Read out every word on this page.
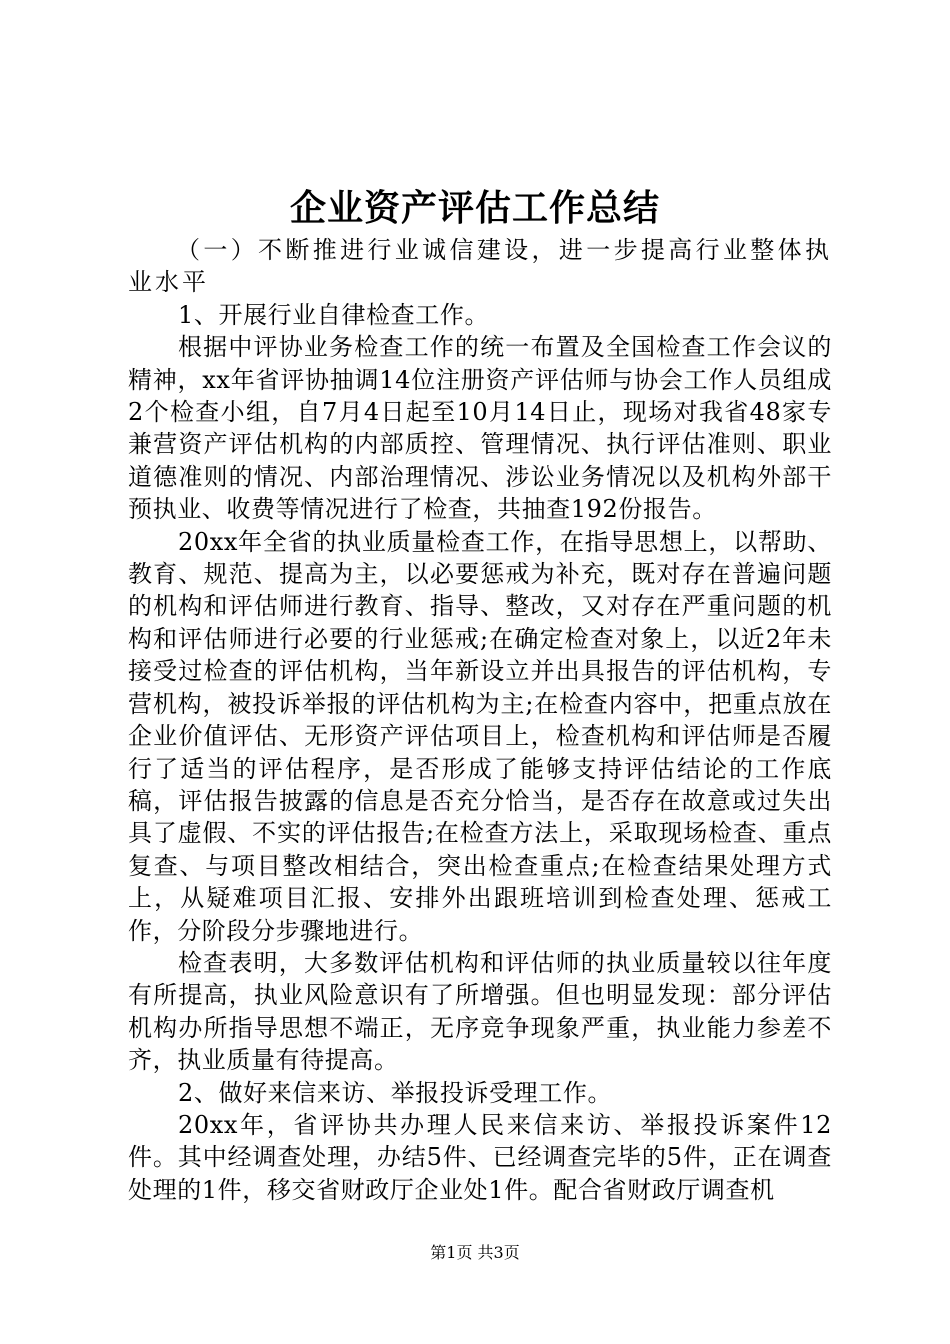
企业资产评估工作总结

（一）不断推进行业诚信建设，进一步提高行业整体执业水平

1、开展行业自律检查工作。

根据中评协业务检查工作的统一布置及全国检查工作会议的精神，xx年省评协抽调14位注册资产评估师与协会工作人员组成2个检查小组，自7月4日起至10月14日止，现场对我省48家专兼营资产评估机构的内部质控、管理情况、执行评估准则、职业道德准则的情况、内部治理情况、涉讼业务情况以及机构外部干预执业、收费等情况进行了检查，共抽查192份报告。

20xx年全省的执业质量检查工作，在指导思想上，以帮助、教育、规范、提高为主，以必要惩戒为补充，既对存在普遍问题的机构和评估师进行教育、指导、整改，又对存在严重问题的机构和评估师进行必要的行业惩戒;在确定检查对象上，以近2年未接受过检查的评估机构，当年新设立并出具报告的评估机构，专营机构，被投诉举报的评估机构为主;在检查内容中，把重点放在企业价值评估、无形资产评估项目上，检查机构和评估师是否履行了适当的评估程序，是否形成了能够支持评估结论的工作底稿，评估报告披露的信息是否充分恰当，是否存在故意或过失出具了虚假、不实的评估报告;在检查方法上，采取现场检查、重点复查、与项目整改相结合，突出检查重点;在检查结果处理方式上，从疑难项目汇报、安排外出跟班培训到检查处理、惩戒工作，分阶段分步骤地进行。

检查表明，大多数评估机构和评估师的执业质量较以往年度有所提高，执业风险意识有了所增强。但也明显发现：部分评估机构办所指导思想不端正，无序竞争现象严重，执业能力参差不齐，执业质量有待提高。

2、做好来信来访、举报投诉受理工作。

20xx年，省评协共办理人民来信来访、举报投诉案件12件。其中经调查处理，办结5件、已经调查完毕的5件，正在调查处理的1件，移交省财政厅企业处1件。配合省财政厅调查机

第1页 共3页
